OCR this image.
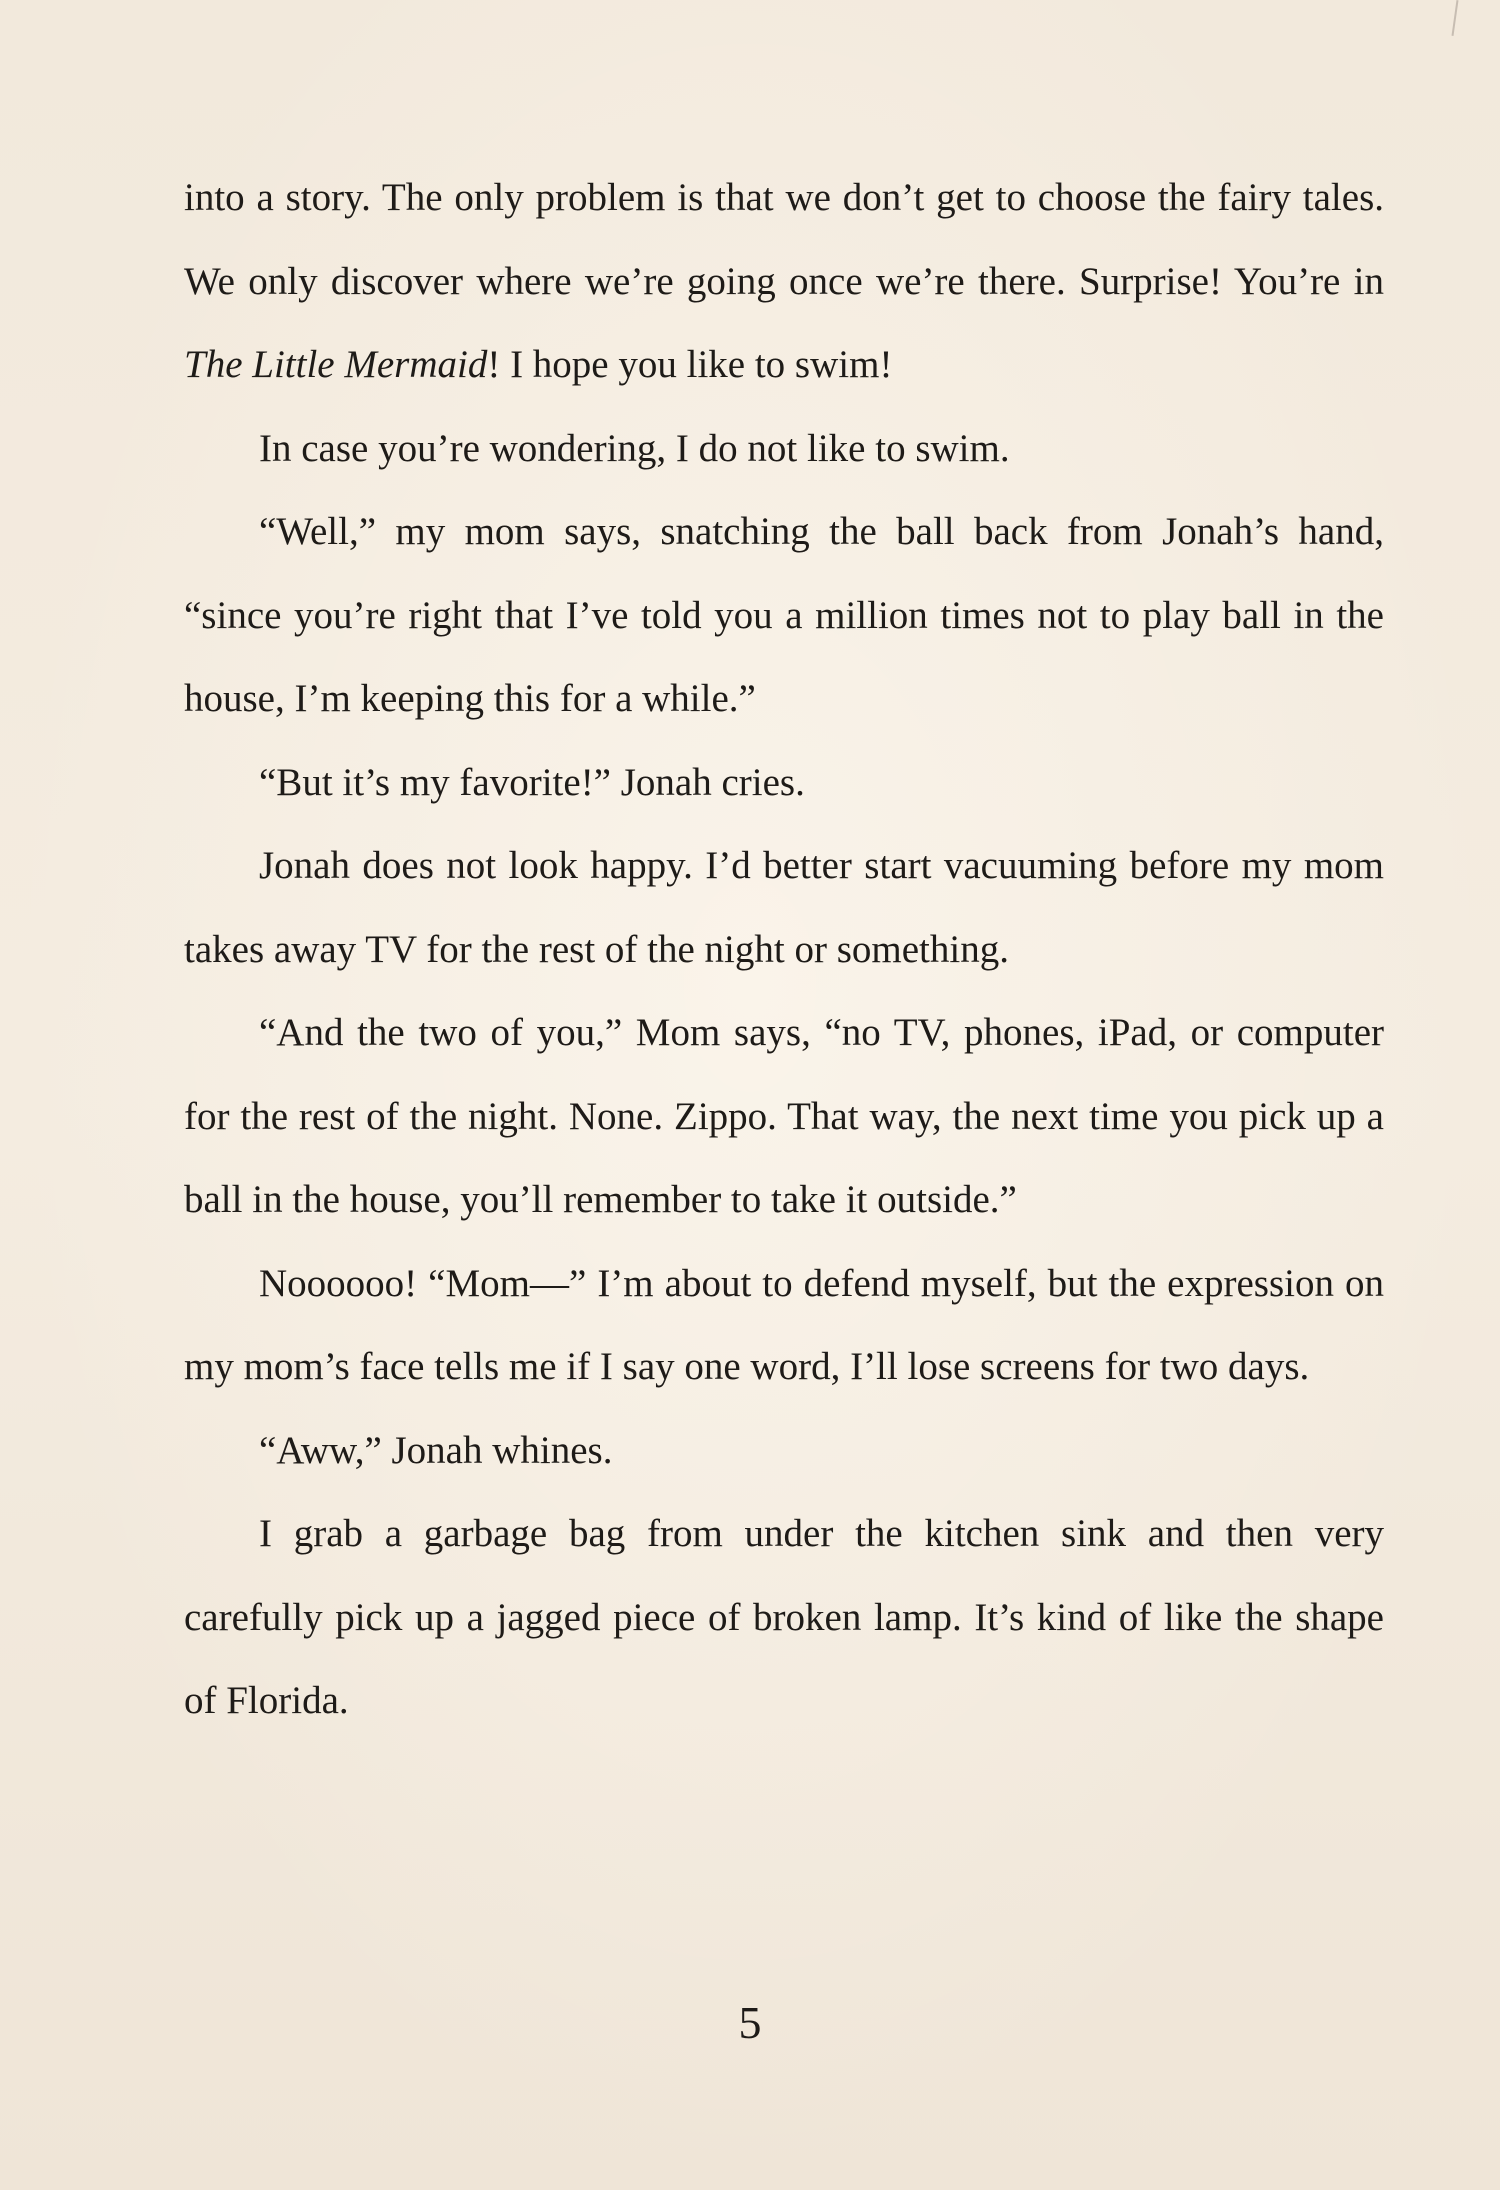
into a story. The only problem is that we don’t get to choose the fairy tales. We only discover where we’re going once we’re there. Surprise! You’re in The Little Mermaid! I hope you like to swim!

In case you’re wondering, I do not like to swim.

“Well,” my mom says, snatching the ball back from Jonah’s hand, “since you’re right that I’ve told you a million times not to play ball in the house, I’m keeping this for a while.”

“But it’s my favorite!” Jonah cries.

Jonah does not look happy. I’d better start vacuuming before my mom takes away TV for the rest of the night or something.

“And the two of you,” Mom says, “no TV, phones, iPad, or computer for the rest of the night. None. Zippo. That way, the next time you pick up a ball in the house, you’ll remember to take it outside.”

Noooooo! “Mom—” I’m about to defend myself, but the expression on my mom’s face tells me if I say one word, I’ll lose screens for two days.

“Aww,” Jonah whines.

I grab a garbage bag from under the kitchen sink and then very carefully pick up a jagged piece of broken lamp. It’s kind of like the shape of Florida.

5
